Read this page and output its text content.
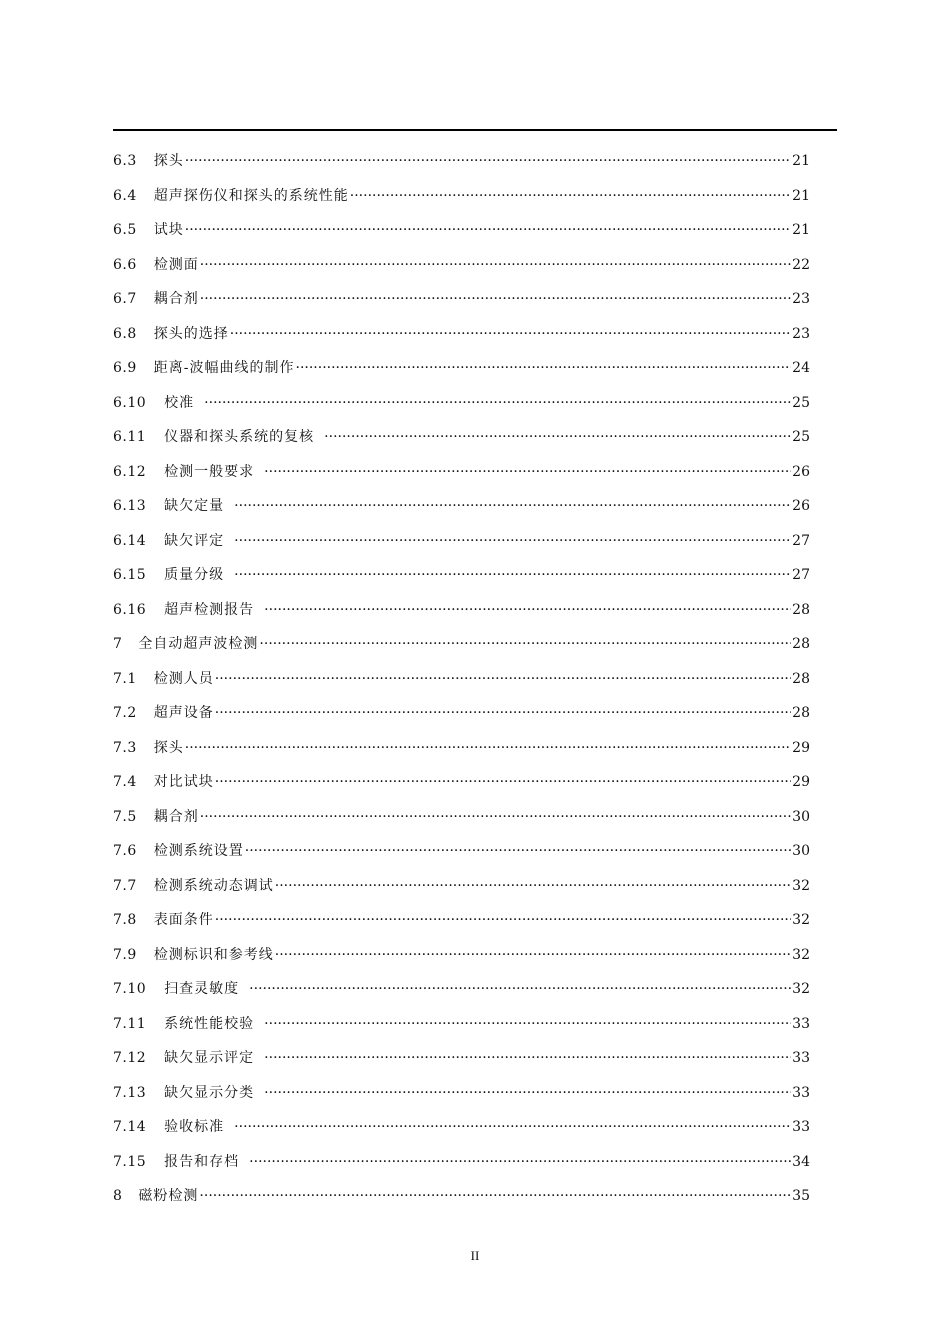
6.3 探头 ·····	21
6.4 超声探伤仪和探头的系统性能 ·····	21
6.5 试块 ·····	21
6.6 检测面 ·····	22
6.7 耦合剂 ·····	23
6.8 探头的选择 ·····	23
6.9 距离-波幅曲线的制作 ·····	24
6.10 校准 ·····	25
6.11 仪器和探头系统的复核 ·····	25
6.12 检测一般要求 ·····	26
6.13 缺欠定量 ·····	26
6.14 缺欠评定 ·····	27
6.15 质量分级 ·····	27
6.16 超声检测报告 ·····	28
7 全自动超声波检测 ·····	28
7.1 检测人员 ·····	28
7.2 超声设备 ·····	28
7.3 探头 ·····	29
7.4 对比试块 ·····	29
7.5 耦合剂 ·····	30
7.6 检测系统设置 ·····	30
7.7 检测系统动态调试 ·····	32
7.8 表面条件 ·····	32
7.9 检测标识和参考线 ·····	32
7.10 扫查灵敏度 ·····	32
7.11 系统性能校验 ·····	33
7.12 缺欠显示评定 ·····	33
7.13 缺欠显示分类 ·····	33
7.14 验收标准 ·····	33
7.15 报告和存档 ·····	34
8 磁粉检测 ·····	35
II
